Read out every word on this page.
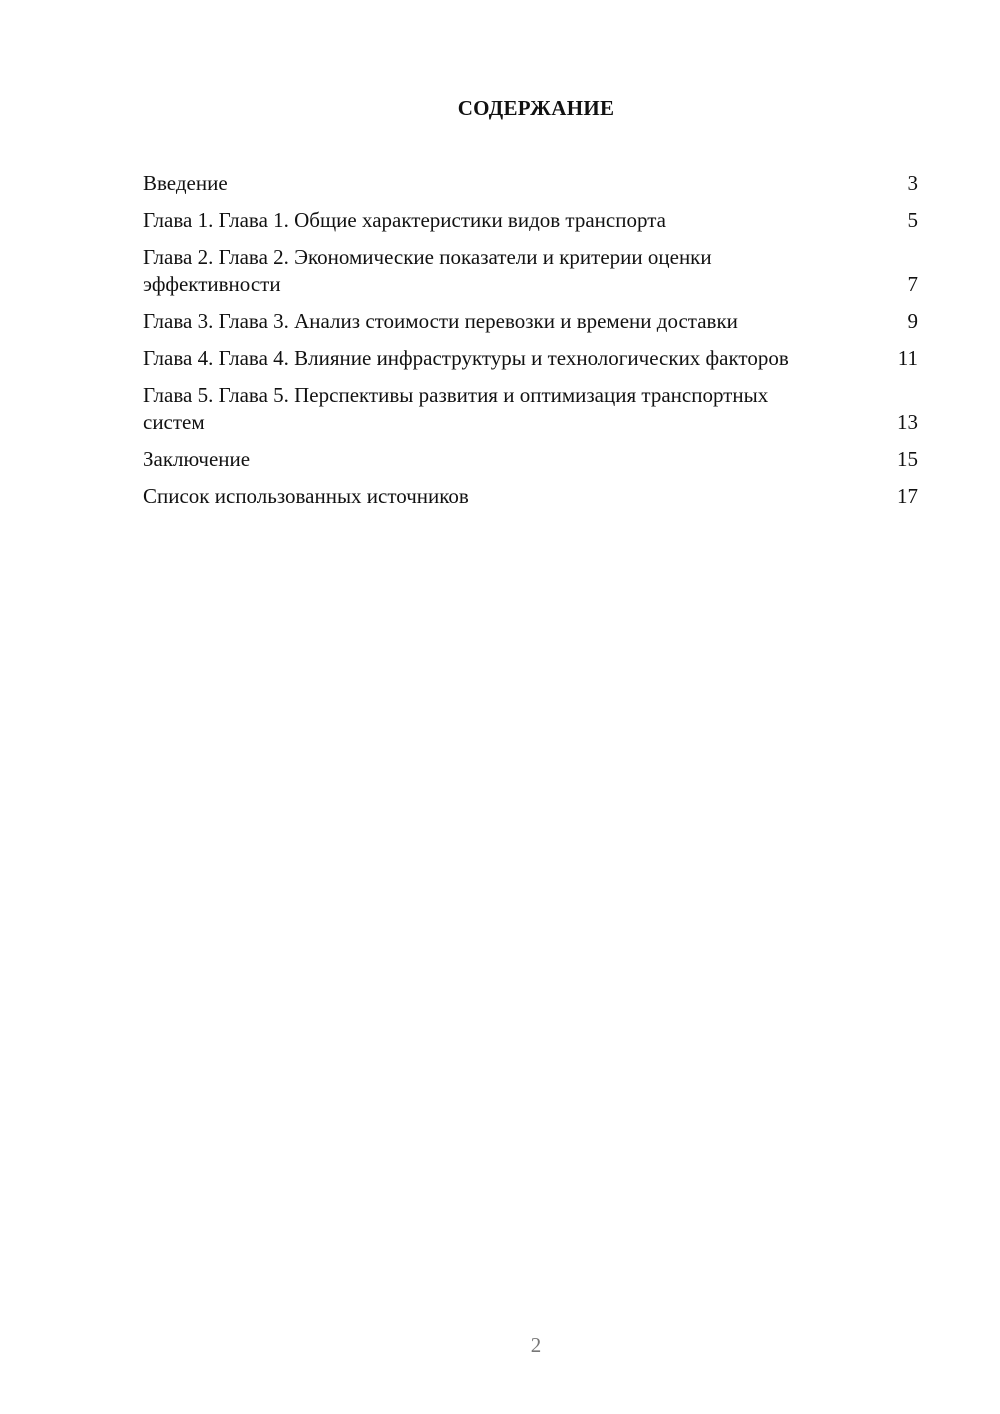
СОДЕРЖАНИЕ
Введение	3
Глава 1. Глава 1. Общие характеристики видов транспорта	5
Глава 2. Глава 2. Экономические показатели и критерии оценки эффективности	7
Глава 3. Глава 3. Анализ стоимости перевозки и времени доставки	9
Глава 4. Глава 4. Влияние инфраструктуры и технологических факторов	11
Глава 5. Глава 5. Перспективы развития и оптимизация транспортных систем	13
Заключение	15
Список использованных источников	17
2
